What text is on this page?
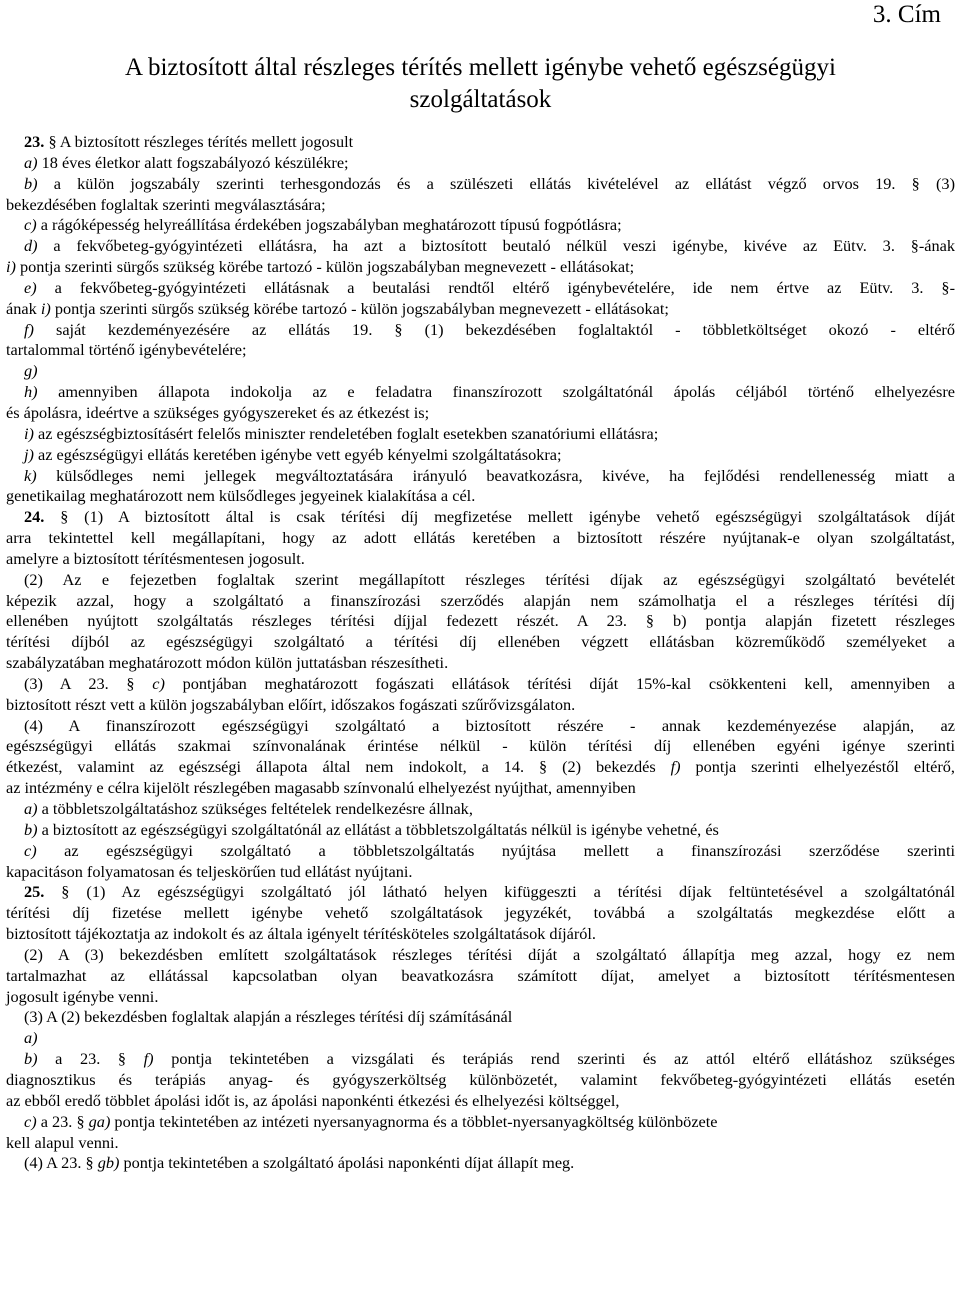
3. Cím
A biztosított által részleges térítés mellett igénybe vehető egészségügyi
szolgáltatások
23. § A biztosított részleges térítés mellett jogosult
a) 18 éves életkor alatt fogszabályozó készülékre;
b) a külön jogszabály szerinti terhesgondozás és a szülészeti ellátás kivételével az ellátást végző orvos 19. § (3)
bekezdésében foglaltak szerinti megválasztására;
c) a rágóképesség helyreállítása érdekében jogszabályban meghatározott típusú fogpótlásra;
d) a fekvőbeteg-gyógyintézeti ellátásra, ha azt a biztosított beutaló nélkül veszi igénybe, kivéve az Eütv. 3. §-ának
i) pontja szerinti sürgős szükség körébe tartozó - külön jogszabályban megnevezett - ellátásokat;
e) a fekvőbeteg-gyógyintézeti ellátásnak a beutalási rendtől eltérő igénybevételére, ide nem értve az Eütv. 3. §-
ának i) pontja szerinti sürgős szükség körébe tartozó - külön jogszabályban megnevezett - ellátásokat;
f) saját kezdeményezésére az ellátás 19. § (1) bekezdésében foglaltaktól - többletköltséget okozó - eltérő
tartalommal történő igénybevételére;
g)
h) amennyiben állapota indokolja az e feladatra finanszírozott szolgáltatónál ápolás céljából történő elhelyezésre
és ápolásra, ideértve a szükséges gyógyszereket és az étkezést is;
i) az egészségbiztosításért felelős miniszter rendeletében foglalt esetekben szanatóriumi ellátásra;
j) az egészségügyi ellátás keretében igénybe vett egyéb kényelmi szolgáltatásokra;
k) külsődleges nemi jellegek megváltoztatására irányuló beavatkozásra, kivéve, ha fejlődési rendellenesség miatt a
genetikailag meghatározott nem külsődleges jegyeinek kialakítása a cél.
24. § (1) A biztosított által is csak térítési díj megfizetése mellett igénybe vehető egészségügyi szolgáltatások díját
arra tekintettel kell megállapítani, hogy az adott ellátás keretében a biztosított részére nyújtanak-e olyan szolgáltatást,
amelyre a biztosított térítésmentesen jogosult.
(2) Az e fejezetben foglaltak szerint megállapított részleges térítési díjak az egészségügyi szolgáltató bevételét
képezik azzal, hogy a szolgáltató a finanszírozási szerződés alapján nem számolhatja el a részleges térítési díj
ellenében nyújtott szolgáltatás részleges térítési díjjal fedezett részét. A 23. § b) pontja alapján fizetett részleges
térítési díjból az egészségügyi szolgáltató a térítési díj ellenében végzett ellátásban közreműködő személyeket a
szabályzatában meghatározott módon külön juttatásban részesítheti.
(3) A 23. § c) pontjában meghatározott fogászati ellátások térítési díját 15%-kal csökkenteni kell, amennyiben a
biztosított részt vett a külön jogszabályban előírt, időszakos fogászati szűrővizsgálaton.
(4) A finanszírozott egészségügyi szolgáltató a biztosított részére - annak kezdeményezése alapján, az
egészségügyi ellátás szakmai színvonalának érintése nélkül - külön térítési díj ellenében egyéni igénye szerinti
étkezést, valamint az egészségi állapota által nem indokolt, a 14. § (2) bekezdés f) pontja szerinti elhelyezéstől eltérő,
az intézmény e célra kijelölt részlegében magasabb színvonalú elhelyezést nyújthat, amennyiben
a) a többletszolgáltatáshoz szükséges feltételek rendelkezésre állnak,
b) a biztosított az egészségügyi szolgáltatónál az ellátást a többletszolgáltatás nélkül is igénybe vehetné, és
c) az egészségügyi szolgáltató a többletszolgáltatás nyújtása mellett a finanszírozási szerződése szerinti
kapacitáson folyamatosan és teljeskörűen tud ellátást nyújtani.
25. § (1) Az egészségügyi szolgáltató jól látható helyen kifüggeszti a térítési díjak feltüntetésével a szolgáltatónál
térítési díj fizetése mellett igénybe vehető szolgáltatások jegyzékét, továbbá a szolgáltatás megkezdése előtt a
biztosított tájékoztatja az indokolt és az általa igényelt térítésköteles szolgáltatások díjáról.
(2) A (3) bekezdésben említett szolgáltatások részleges térítési díját a szolgáltató állapítja meg azzal, hogy ez nem
tartalmazhat az ellátással kapcsolatban olyan beavatkozásra számított díjat, amelyet a biztosított térítésmentesen
jogosult igénybe venni.
(3) A (2) bekezdésben foglaltak alapján a részleges térítési díj számításánál
a)
b) a 23. § f) pontja tekintetében a vizsgálati és terápiás rend szerinti és az attól eltérő ellátáshoz szükséges
diagnosztikus és terápiás anyag- és gyógyszerköltség különbözetét, valamint fekvőbeteg-gyógyintézeti ellátás esetén
az ebből eredő többlet ápolási időt is, az ápolási naponkénti étkezési és elhelyezési költséggel,
c) a 23. § ga) pontja tekintetében az intézeti nyersanyagnorma és a többlet-nyersanyagköltség különbözete
kell alapul venni.
(4) A 23. § gb) pontja tekintetében a szolgáltató ápolási naponkénti díjat állapít meg.
